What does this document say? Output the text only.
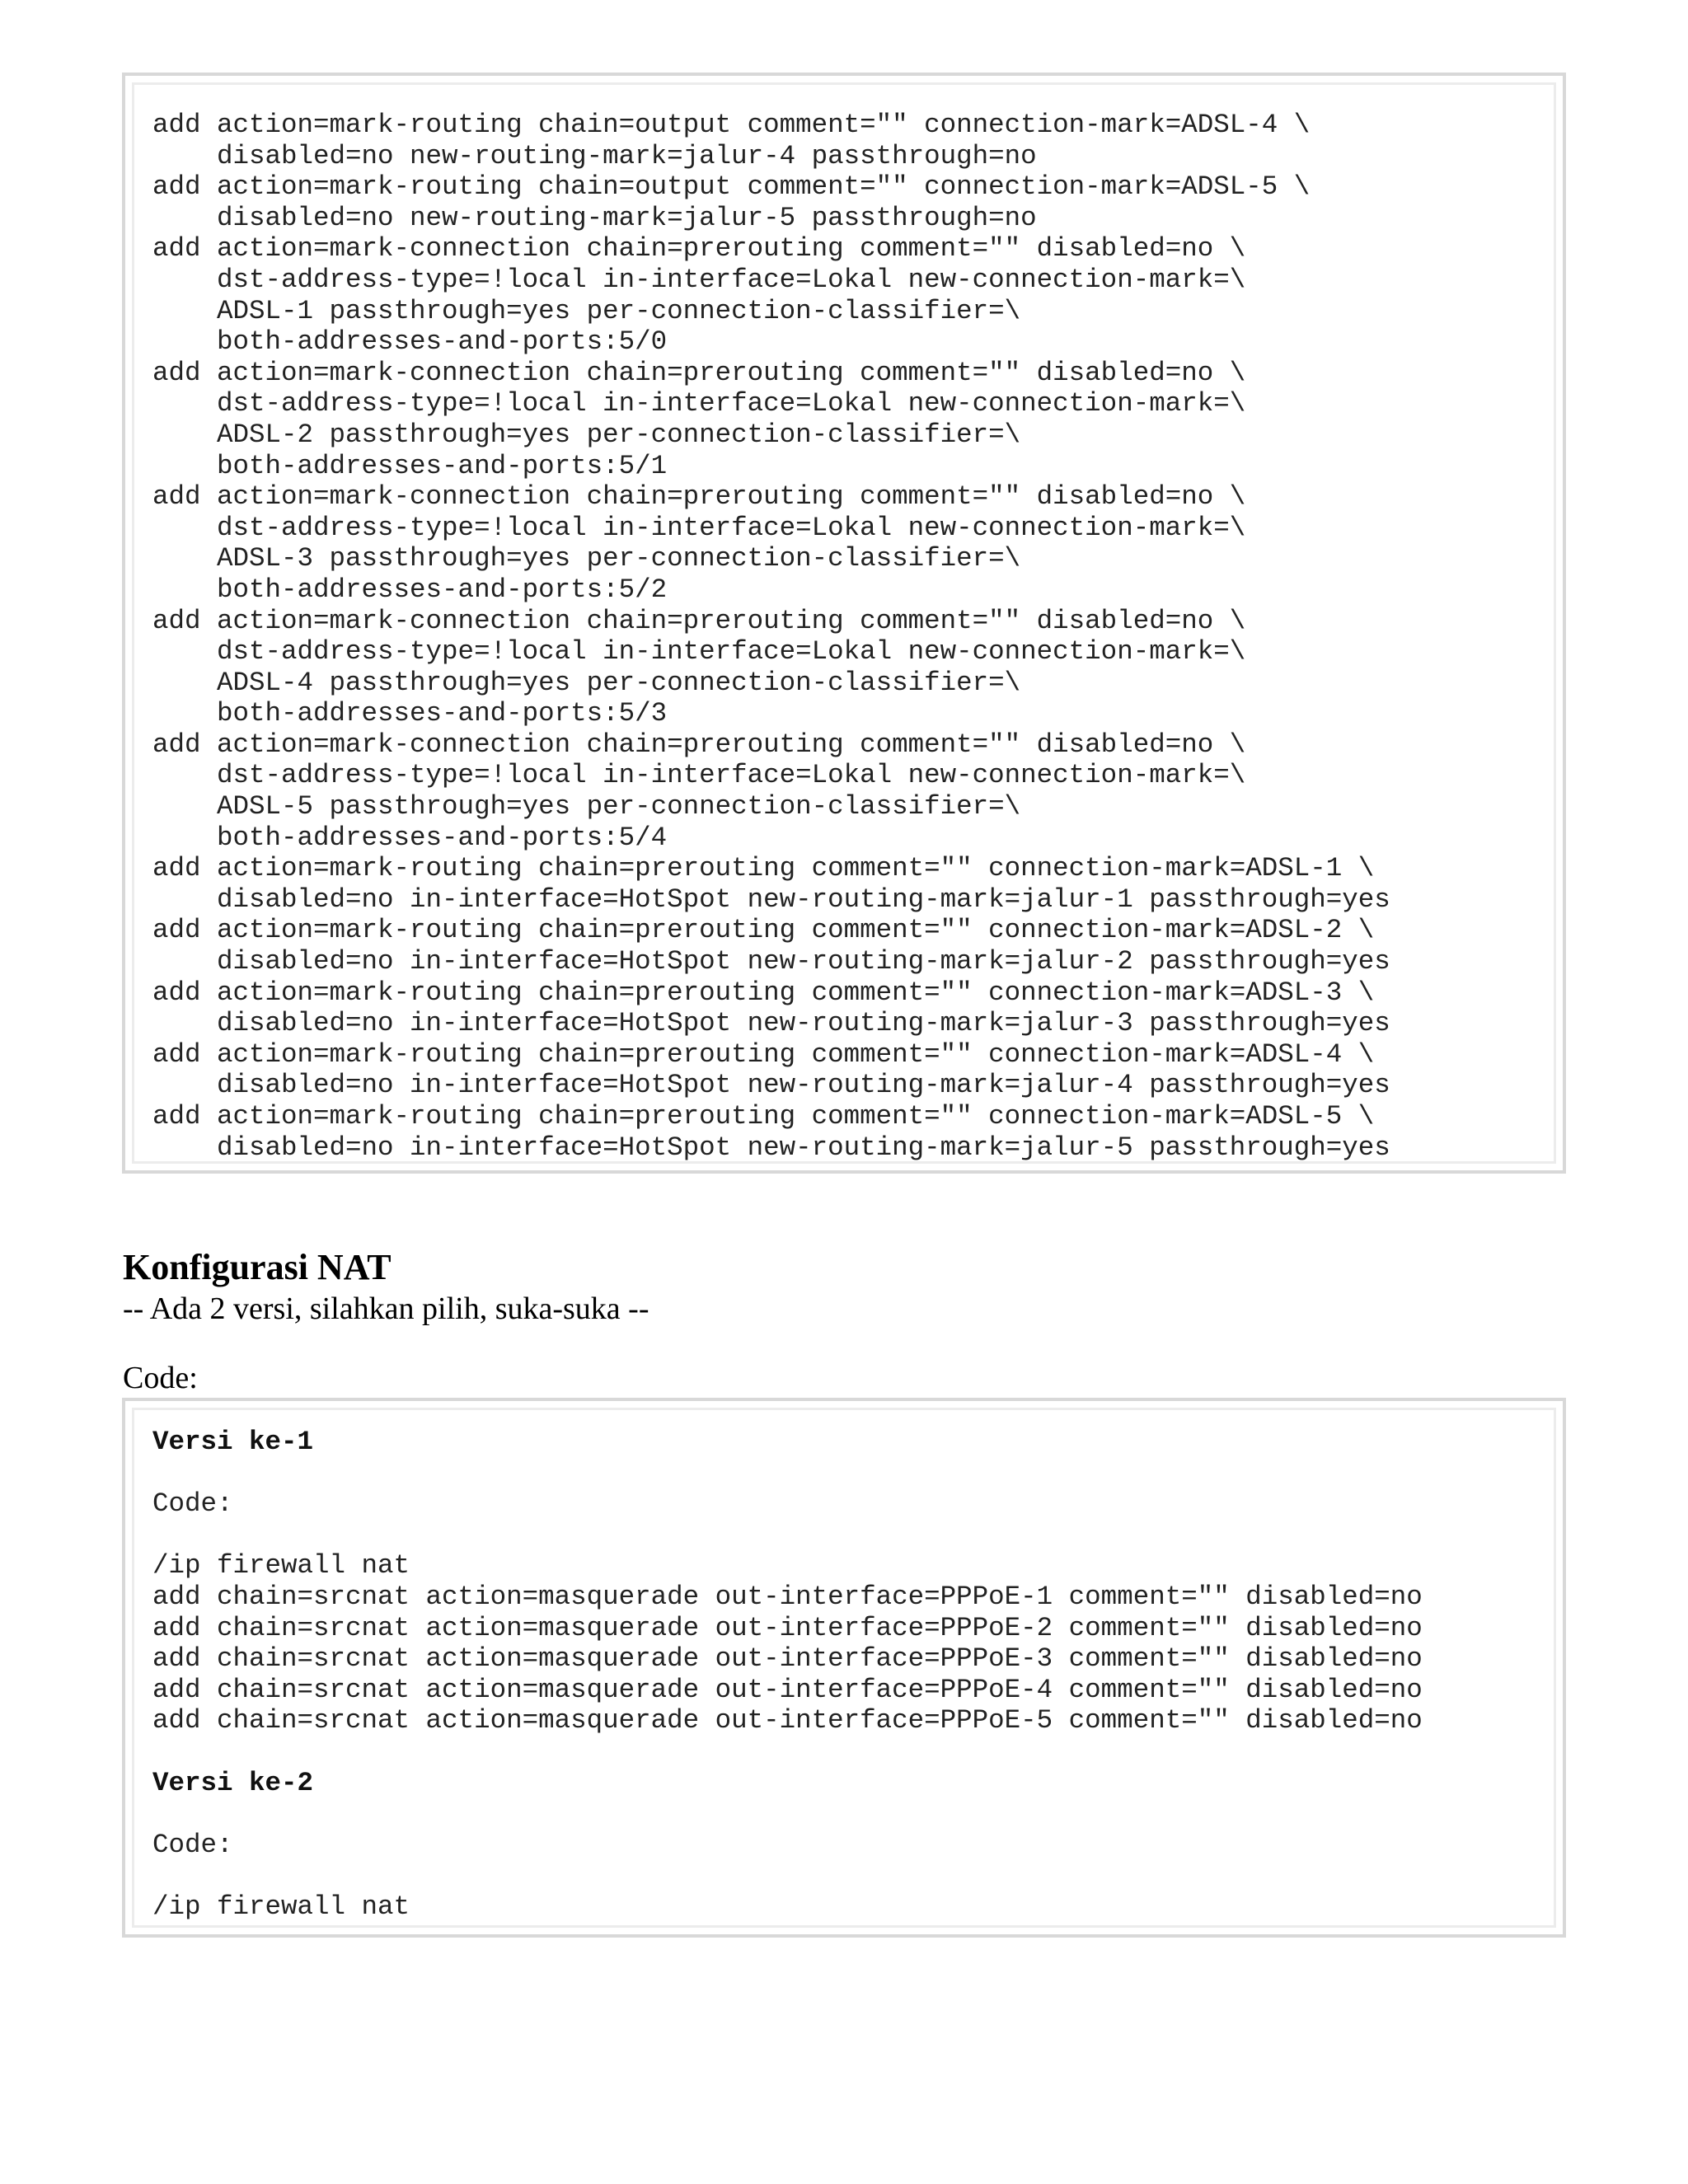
add action=mark-routing chain=output comment="" connection-mark=ADSL-4 \
disabled=no new-routing-mark=jalur-4 passthrough=no
add action=mark-routing chain=output comment="" connection-mark=ADSL-5 \
disabled=no new-routing-mark=jalur-5 passthrough=no
add action=mark-connection chain=prerouting comment="" disabled=no \
dst-address-type=!local in-interface=Lokal new-connection-mark=\
ADSL-1 passthrough=yes per-connection-classifier=\
both-addresses-and-ports:5/0
add action=mark-connection chain=prerouting comment="" disabled=no \
dst-address-type=!local in-interface=Lokal new-connection-mark=\
ADSL-2 passthrough=yes per-connection-classifier=\
both-addresses-and-ports:5/1
add action=mark-connection chain=prerouting comment="" disabled=no \
dst-address-type=!local in-interface=Lokal new-connection-mark=\
ADSL-3 passthrough=yes per-connection-classifier=\
both-addresses-and-ports:5/2
add action=mark-connection chain=prerouting comment="" disabled=no \
dst-address-type=!local in-interface=Lokal new-connection-mark=\
ADSL-4 passthrough=yes per-connection-classifier=\
both-addresses-and-ports:5/3
add action=mark-connection chain=prerouting comment="" disabled=no \
dst-address-type=!local in-interface=Lokal new-connection-mark=\
ADSL-5 passthrough=yes per-connection-classifier=\
both-addresses-and-ports:5/4
add action=mark-routing chain=prerouting comment="" connection-mark=ADSL-1 \
disabled=no in-interface=HotSpot new-routing-mark=jalur-1 passthrough=yes
add action=mark-routing chain=prerouting comment="" connection-mark=ADSL-2 \
disabled=no in-interface=HotSpot new-routing-mark=jalur-2 passthrough=yes
add action=mark-routing chain=prerouting comment="" connection-mark=ADSL-3 \
disabled=no in-interface=HotSpot new-routing-mark=jalur-3 passthrough=yes
add action=mark-routing chain=prerouting comment="" connection-mark=ADSL-4 \
disabled=no in-interface=HotSpot new-routing-mark=jalur-4 passthrough=yes
add action=mark-routing chain=prerouting comment="" connection-mark=ADSL-5 \
disabled=no in-interface=HotSpot new-routing-mark=jalur-5 passthrough=yes
Konfigurasi NAT

-- Ada 2 versi, silahkan pilih, suka-suka --

Code:

Versi ke-1
Code:
/ip firewall nat
add chain=srcnat action=masquerade out-interface=PPPoE-1 comment="" disabled=no
add chain=srcnat action=masquerade out-interface=PPPoE-2 comment="" disabled=no
add chain=srcnat action=masquerade out-interface=PPPoE-3 comment="" disabled=no
add chain=srcnat action=masquerade out-interface=PPPoE-4 comment="" disabled=no
add chain=srcnat action=masquerade out-interface=PPPoE-5 comment="" disabled=no
Versi ke-2
Code:
/ip firewall nat
